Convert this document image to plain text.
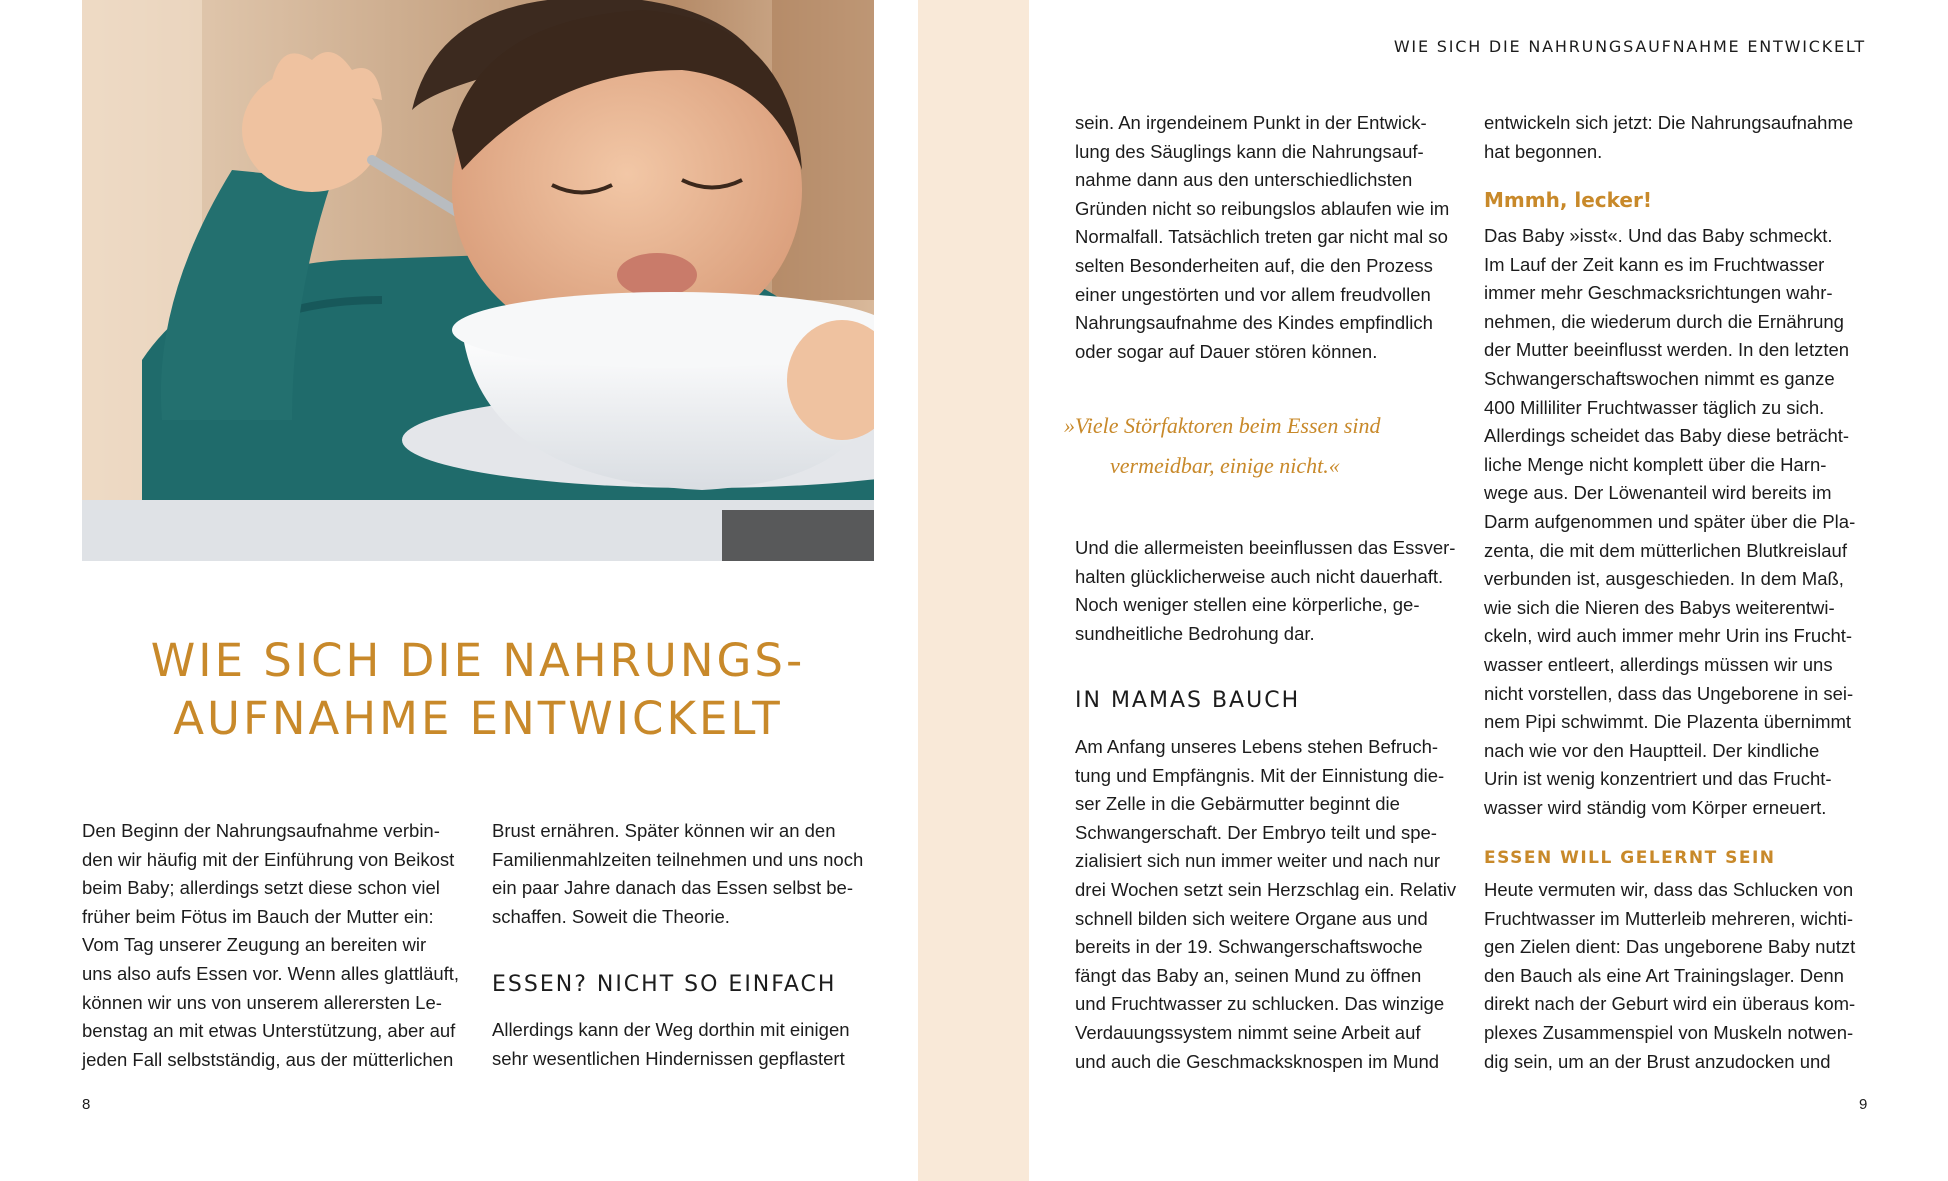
WIE SICH DIE NAHRUNGS-
AUFNAHME ENTWICKELT
Den Beginn der Nahrungsaufnahme verbin-
den wir häufig mit der Einführung von Beikost
beim Baby; allerdings setzt diese schon viel
früher beim Fötus im Bauch der Mutter ein:
Vom Tag unserer Zeugung an bereiten wir
uns also aufs Essen vor. Wenn alles glattläuft,
können wir uns von unserem allerersten Le-
benstag an mit etwas Unterstützung, aber auf
jeden Fall selbstständig, aus der mütterlichen
Brust ernähren. Später können wir an den
Familienmahlzeiten teilnehmen und uns noch
ein paar Jahre danach das Essen selbst be-
schaffen. Soweit die Theorie.
ESSEN? NICHT SO EINFACH
Allerdings kann der Weg dorthin mit einigen
sehr wesentlichen Hindernissen gepflastert
8
WIE SICH DIE NAHRUNGSAUFNAHME ENTWICKELT
sein. An irgendeinem Punkt in der Entwick-
lung des Säuglings kann die Nahrungsauf-
nahme dann aus den unterschiedlichsten
Gründen nicht so reibungslos ablaufen wie im
Normalfall. Tatsächlich treten gar nicht mal so
selten Besonderheiten auf, die den Prozess
einer ungestörten und vor allem freudvollen
Nahrungsaufnahme des Kindes empfindlich
oder sogar auf Dauer stören können.
»Viele Störfaktoren beim Essen sind
vermeidbar, einige nicht.«
Und die allermeisten beeinflussen das Essver-
halten glücklicherweise auch nicht dauerhaft.
Noch weniger stellen eine körperliche, ge-
sundheitliche Bedrohung dar.
IN MAMAS BAUCH
Am Anfang unseres Lebens stehen Befruch-
tung und Empfängnis. Mit der Einnistung die-
ser Zelle in die Gebärmutter beginnt die
Schwangerschaft. Der Embryo teilt und spe-
zialisiert sich nun immer weiter und nach nur
drei Wochen setzt sein Herzschlag ein. Relativ
schnell bilden sich weitere Organe aus und
bereits in der 19. Schwangerschaftswoche
fängt das Baby an, seinen Mund zu öffnen
und Fruchtwasser zu schlucken. Das winzige
Verdauungssystem nimmt seine Arbeit auf
und auch die Geschmacksknospen im Mund
entwickeln sich jetzt: Die Nahrungsaufnahme
hat begonnen.
Mmmh, lecker!
Das Baby »isst«. Und das Baby schmeckt.
Im Lauf der Zeit kann es im Fruchtwasser
immer mehr Geschmacksrichtungen wahr-
nehmen, die wiederum durch die Ernährung
der Mutter beeinflusst werden. In den letzten
Schwangerschaftswochen nimmt es ganze
400 Milliliter Fruchtwasser täglich zu sich.
Allerdings scheidet das Baby diese beträcht-
liche Menge nicht komplett über die Harn-
wege aus. Der Löwenanteil wird bereits im
Darm aufgenommen und später über die Pla-
zenta, die mit dem mütterlichen Blutkreislauf
verbunden ist, ausgeschieden. In dem Maß,
wie sich die Nieren des Babys weiterentwi-
ckeln, wird auch immer mehr Urin ins Frucht-
wasser entleert, allerdings müssen wir uns
nicht vorstellen, dass das Ungeborene in sei-
nem Pipi schwimmt. Die Plazenta übernimmt
nach wie vor den Hauptteil. Der kindliche
Urin ist wenig konzentriert und das Frucht-
wasser wird ständig vom Körper erneuert.
ESSEN WILL GELERNT SEIN
Heute vermuten wir, dass das Schlucken von
Fruchtwasser im Mutterleib mehreren, wichti-
gen Zielen dient: Das ungeborene Baby nutzt
den Bauch als eine Art Trainingslager. Denn
direkt nach der Geburt wird ein überaus kom-
plexes Zusammenspiel von Muskeln notwen-
dig sein, um an der Brust anzudocken und
9
